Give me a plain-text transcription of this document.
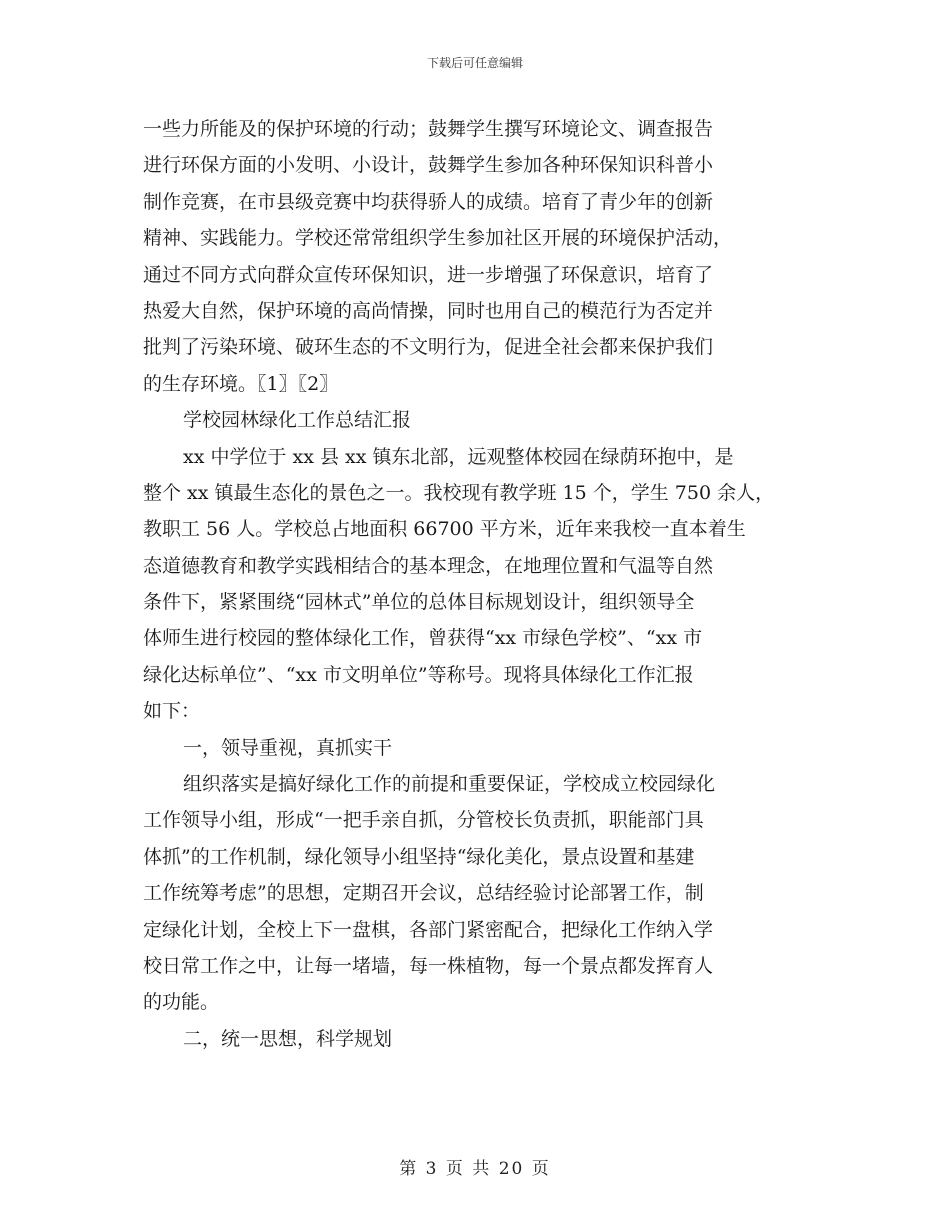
下载后可任意编辑
一些力所能及的保护环境的行动；鼓舞学生撰写环境论文、调查报告
进行环保方面的小发明、小设计，鼓舞学生参加各种环保知识科普小
制作竞赛，在市县级竞赛中均获得骄人的成绩。培育了青少年的创新
精神、实践能力。学校还常常组织学生参加社区开展的环境保护活动，
通过不同方式向群众宣传环保知识，进一步增强了环保意识，培育了
热爱大自然，保护环境的高尚情操，同时也用自己的模范行为否定并
批判了污染环境、破环生态的不文明行为，促进全社会都来保护我们
的生存环境。〖1〗〖2〗
学校园林绿化工作总结汇报
xx 中学位于 xx 县 xx 镇东北部，远观整体校园在绿荫环抱中，是
整个 xx 镇最生态化的景色之一。我校现有教学班 15 个，学生 750 余人，
教职工 56 人。学校总占地面积 66700 平方米，近年来我校一直本着生
态道德教育和教学实践相结合的基本理念，在地理位置和气温等自然
条件下，紧紧围绕“园林式”单位的总体目标规划设计，组织领导全
体师生进行校园的整体绿化工作，曾获得“xx 市绿色学校”、“xx 市
绿化达标单位”、“xx 市文明单位”等称号。现将具体绿化工作汇报
如下：
一，领导重视，真抓实干
组织落实是搞好绿化工作的前提和重要保证，学校成立校园绿化
工作领导小组，形成“一把手亲自抓，分管校长负责抓，职能部门具
体抓”的工作机制，绿化领导小组坚持“绿化美化，景点设置和基建
工作统筹考虑”的思想，定期召开会议，总结经验讨论部署工作，制
定绿化计划，全校上下一盘棋，各部门紧密配合，把绿化工作纳入学
校日常工作之中，让每一堵墙，每一株植物，每一个景点都发挥育人
的功能。
二，统一思想，科学规划
第 3 页 共 20 页
